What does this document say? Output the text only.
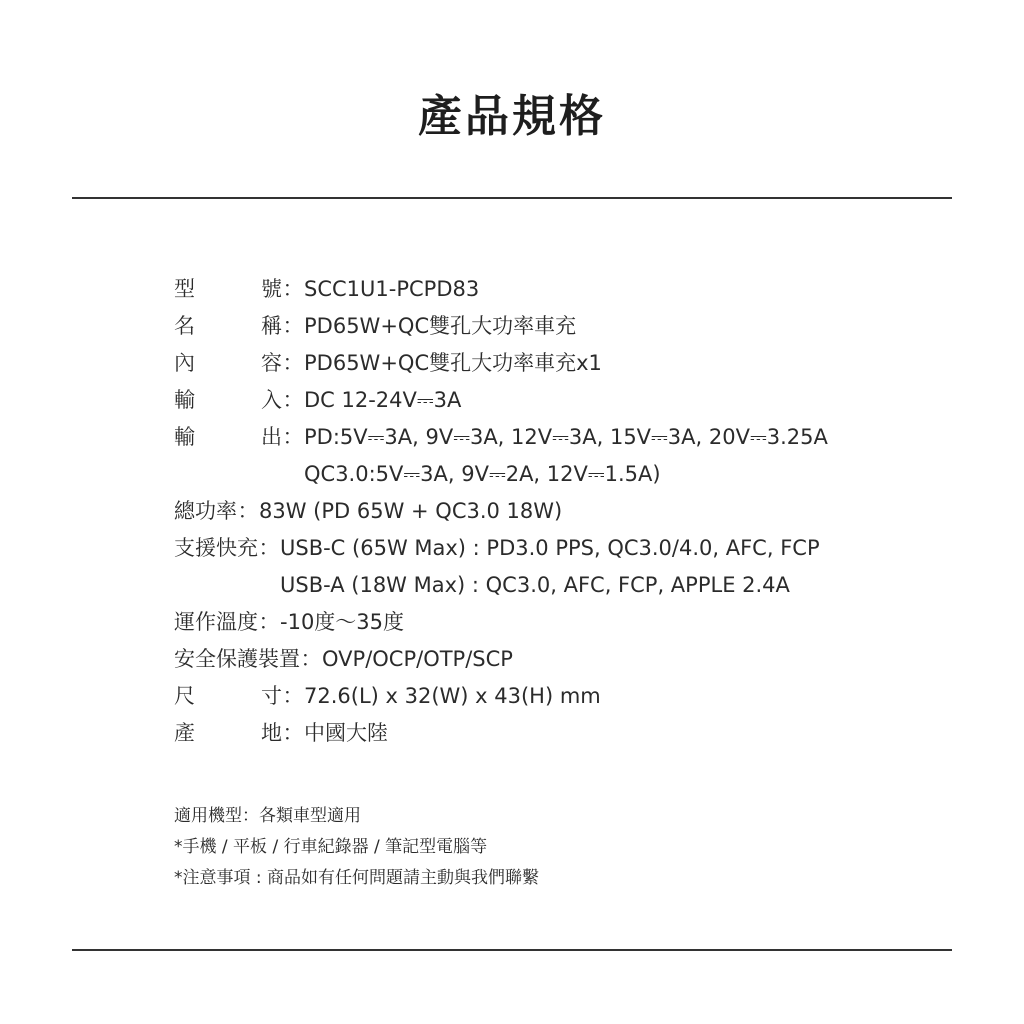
產品規格
型	號 ： SCC1U1-PCPD83
名	稱 ： PD65W+QC雙孔大功率車充
內	容 ： PD65W+QC雙孔大功率車充x1
輸	入 ： DC 12-24V⎓3A
輸	出 ： PD:5V⎓3A, 9V⎓3A, 12V⎓3A, 15V⎓3A, 20V⎓3.25A
QC3.0:5V⎓3A, 9V⎓2A, 12V⎓1.5A)
總功率 ： 83W (PD 65W + QC3.0 18W)
支援快充 ： USB-C (65W Max) : PD3.0 PPS, QC3.0/4.0, AFC, FCP
USB-A (18W Max) : QC3.0, AFC, FCP, APPLE 2.4A
運作溫度 ： -10度～35度
安全保護裝置 ： OVP/OCP/OTP/SCP
尺	寸 ： 72.6(L) x 32(W) x 43(H) mm
產	地 ： 中國大陸
適用機型：各類車型適用
*手機 / 平板 / 行車紀錄器 / 筆記型電腦等
*注意事項 : 商品如有任何問題請主動與我們聯繫
